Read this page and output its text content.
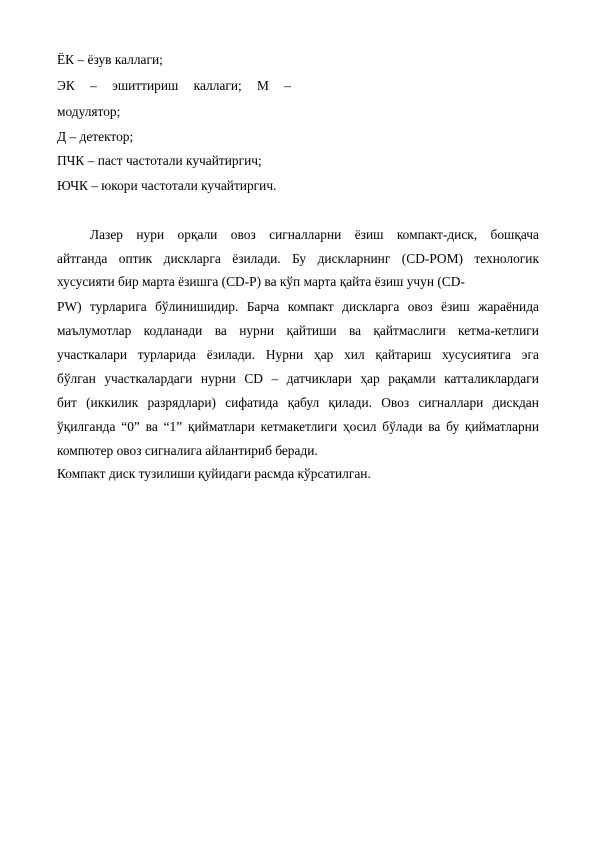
ЁК – ёзув каллаги;
ЭК – эшиттириш каллаги; М –
модулятор;
Д – детектор;
ПЧК – паст частотали кучайтиргич;
ЮЧК – юкори частотали кучайтиргич.
Лазер нури орқали овоз сигналларни ёзиш компакт-диск, бошқача
айтганда оптик дискларга ёзилади. Бу дискларнинг (CD-РОМ) технологик
хусусияти бир марта ёзишга (CD-Р) ва кўп марта қайта ёзиш учун (CD-
PW) турларига бўлинишидир. Барча компакт дискларга овоз ёзиш жараёнида
маълумотлар кодланади ва нурни қайтиши ва қайтмаслиги кетма-кетлиги
участкалари турларида ёзилади. Нурни ҳар хил қайтариш хусусиятига эга
бўлган участкалардаги нурни CD – датчиклари ҳар рақамли катталиклардаги
бит (иккилик разрядлари) сифатида қабул қилади. Овоз сигналлари дискдан
ўқилганда “0” ва “1” қийматлари кетмакетлиги ҳосил бўлади ва бу қийматларни
компютер овоз сигналига айлантириб беради.
Компакт диск тузилиши қуйидаги расмда кўрсатилган.
